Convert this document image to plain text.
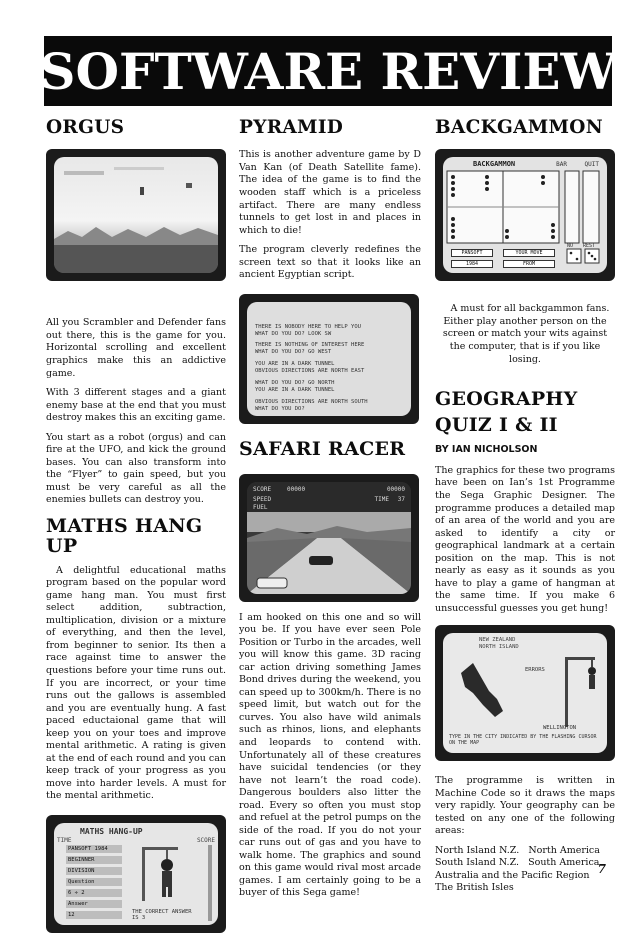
SOFTWARE REVIEW
ORGUS

All you Scrambler and Defender fans out there, this is the game for you. Horizontal scrolling and excellent graphics make this an addictive game.

With 3 different stages and a giant enemy base at the end that you must destroy makes this an exciting game.

You start as a robot (orgus) and can fire at the UFO, and kick the ground bases. You can also transform into the “Flyer” to gain speed, but you must be very careful as all the enemies bullets can destroy you.

MATHS HANG UP

A delightful educational maths program based on the popular word game hang man. You must first select addition, subtraction, multiplication, division or a mixture of everything, and then the level, from beginner to senior. Its then a race against time to answer the questions before your time runs out. If you are incorrect, or your time runs out the gallows is assembled and you are eventually hung. A fast paced eductaional game that will keep you on your toes and improve mental arithmetic. A rating is given at the end of each round and you can keep track of your progress as you move into harder levels. A must for the mental arithmetic.

MATHS HANG-UP
TIME	SCORE
PANSOFT 1984
BEGINNER
DIVISION
Question
6 ÷ 2
Answer
12	THE CORRECT ANSWER IS 3
PYRAMID

This is another adventure game by D Van Kan (of Death Satellite fame). The idea of the game is to find the wooden staff which is a priceless artifact. There are many endless tunnels to get lost in and places in which to die!

The program cleverly redefines the screen text so that it looks like an ancient Egyptian script.

THERE IS NOBODY HERE TO HELP YOU
WHAT DO YOU DO? LOOK SW
THERE IS NOTHING OF INTEREST HERE
WHAT DO YOU DO? GO WEST
YOU ARE IN A DARK TUNNEL
OBVIOUS DIRECTIONS ARE NORTH EAST
WHAT DO YOU DO? GO NORTH
YOU ARE IN A DARK TUNNEL
OBVIOUS DIRECTIONS ARE NORTH SOUTH
WHAT DO YOU DO?
SAFARI RACER
SCORE	00000	00000
SPEED
FUEL
TIME 37

I am hooked on this one and so will you be. If you have ever seen Pole Position or Turbo in the arcades, well you will know this game. 3D racing car action driving something James Bond drives during the weekend, you can speed up to 300km/h. There is no speed limit, but watch out for the curves. You also have wild animals such as rhinos, lions, and elephants and leopards to contend with. Unfortunately all of these creatures have suicidal tendencies (or they have not learn’t the road code). Dangerous boulders also litter the road. Every so often you must stop and refuel at the petrol pumps on the side of the road. If you do not your car runs out of gas and you have to walk home. The graphics and sound on this game would rival most arcade games. I am certainly going to be a buyer of this Sega game!

BACKGAMMON
BACKGAMMON	BAR	QUIT
NO REST
PANSOFT	YOUR MOVE
1984	FROM

A must for all backgammon fans. Either play another person on the screen or match your wits against the computer, that is if you like losing.

GEOGRAPHY
QUIZ I & II
BY IAN NICHOLSON

The graphics for these two programs have been on Ian’s 1st Programme the Sega Graphic Designer. The programme produces a detailed map of an area of the world and you are asked to identify a city or geographical landmark at a certain position on the map. This is not nearly as easy as it sounds as you have to play a game of hangman at the same time. If you make 6 unsuccessful guesses you get hung!

NEW ZEALAND
NORTH ISLAND
ERRORS
WELLINGTON
TYPE IN THE CITY INDICATED BY THE FLASHING CURSOR ON THE MAP

The programme is written in Machine Code so it draws the maps very rapidly. Your geography can be tested on any one of the following areas:

North Island N.Z.   North America
South Island N.Z.   South America
Australia and the Pacific Region
The British Isles
7
